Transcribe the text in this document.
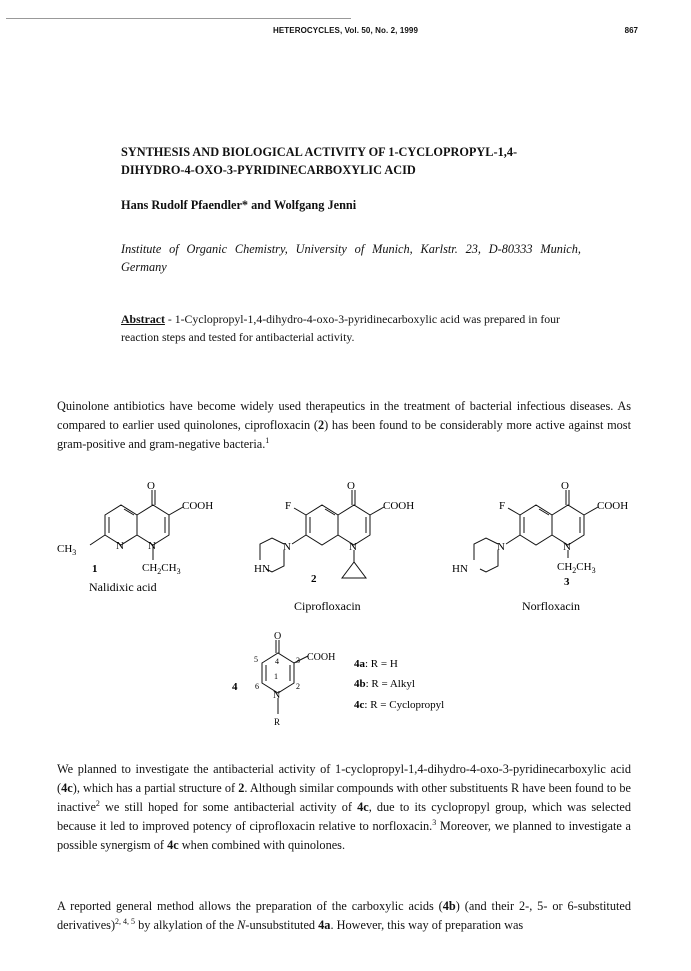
HETEROCYCLES, Vol. 50, No. 2, 1999	867
SYNTHESIS AND BIOLOGICAL ACTIVITY OF 1-CYCLOPROPYL-1,4-
DIHYDRO-4-OXO-3-PYRIDINECARBOXYLIC ACID
Hans Rudolf Pfaendler* and Wolfgang Jenni
Institute of Organic Chemistry, University of Munich, Karlstr. 23, D-80333 Munich, Germany
Abstract - 1-Cyclopropyl-1,4-dihydro-4-oxo-3-pyridinecarboxylic acid was prepared in four reaction steps and tested for antibacterial activity.
Quinolone antibiotics have become widely used therapeutics in the treatment of bacterial infectious diseases. As compared to earlier used quinolones, ciprofloxacin (2) has been found to be considerably more active against most gram-positive and gram-negative bacteria.$^1$
O
COOH
N N
$CH_3$
$CH_2CH_3$
1
Nalidixic acid
O
COOH
F
N	N
HN
2
Ciprofloxacin
O
COOH
F
N	N
HN	$CH_2CH_3$
3
Norfloxacin
O
COOH
N
R
1
2
3
4
5
6
4
4a: R = H
4b: R = Alkyl
4c: R = Cyclopropyl
We planned to investigate the antibacterial activity of 1-cyclopropyl-1,4-dihydro-4-oxo-3-pyridinecarboxylic acid (4c), which has a partial structure of 2. Although similar compounds with other substituents R have been found to be inactive$^2$ we still hoped for some antibacterial activity of 4c, due to its cyclopropyl group, which was selected because it led to improved potency of ciprofloxacin relative to norfloxacin.$^3$ Moreover, we planned to investigate a possible synergism of 4c when combined with quinolones.
A reported general method allows the preparation of the carboxylic acids (4b) (and their 2-, 5- or 6-substituted derivatives)$^{2, 4, 5}$ by alkylation of the N-unsubstituted 4a. However, this way of preparation was
